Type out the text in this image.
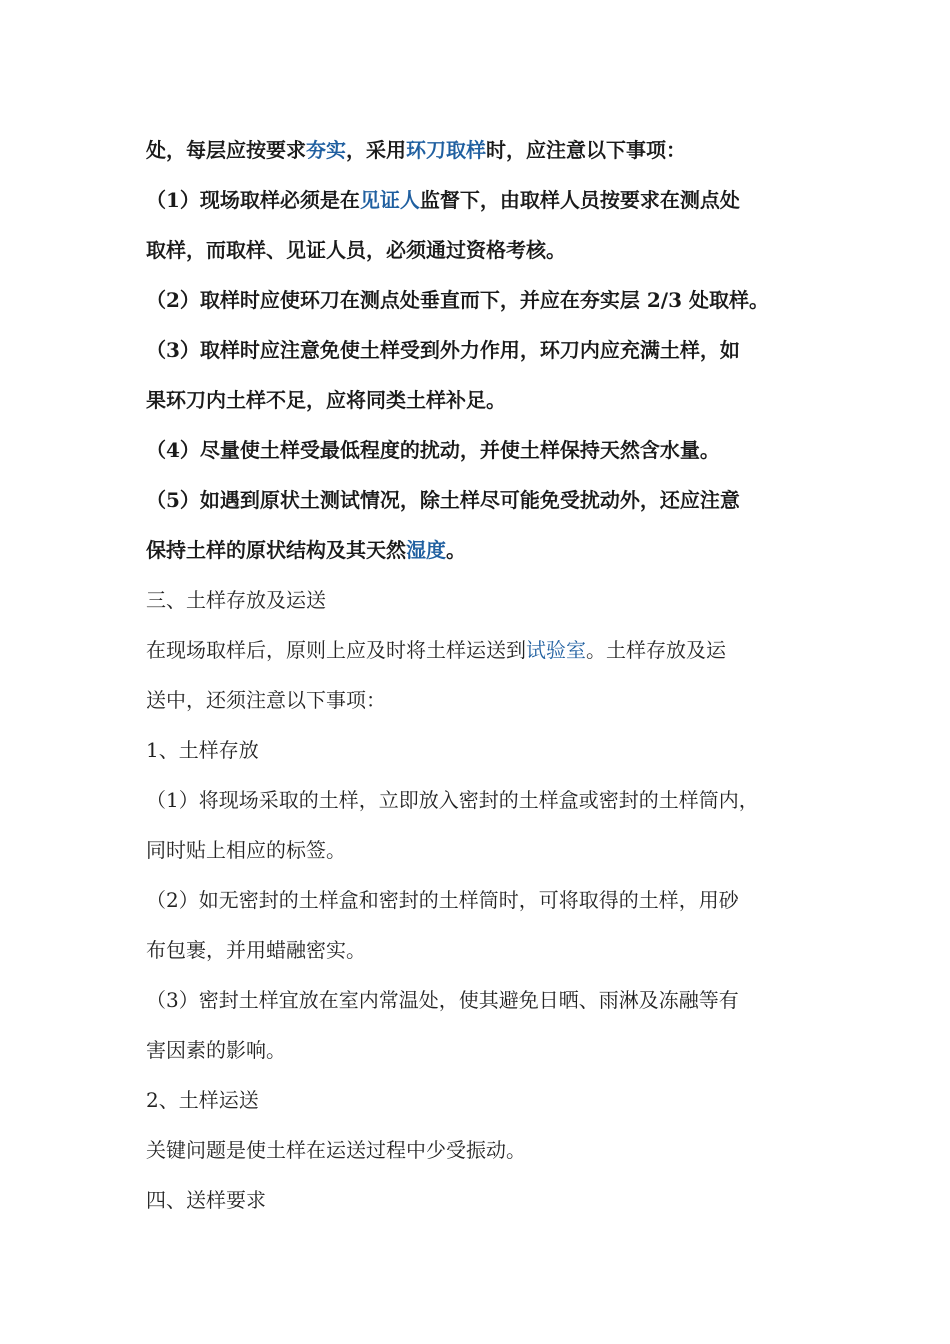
处，每层应按要求夯实，采用环刀取样时，应注意以下事项：
（1）现场取样必须是在见证人监督下，由取样人员按要求在测点处
取样，而取样、见证人员，必须通过资格考核。
（2）取样时应使环刀在测点处垂直而下，并应在夯实层 2/3 处取样。
（3）取样时应注意免使土样受到外力作用，环刀内应充满土样，如
果环刀内土样不足，应将同类土样补足。
（4）尽量使土样受最低程度的扰动，并使土样保持天然含水量。
（5）如遇到原状土测试情况，除土样尽可能免受扰动外，还应注意
保持土样的原状结构及其天然湿度。
三、土样存放及运送
在现场取样后，原则上应及时将土样运送到试验室。土样存放及运
送中，还须注意以下事项：
1、土样存放
（1）将现场采取的土样，立即放入密封的土样盒或密封的土样筒内，
同时贴上相应的标签。
（2）如无密封的土样盒和密封的土样筒时，可将取得的土样，用砂
布包裹，并用蜡融密实。
（3）密封土样宜放在室内常温处，使其避免日晒、雨淋及冻融等有
害因素的影响。
2、土样运送
关键问题是使土样在运送过程中少受振动。
四、送样要求
